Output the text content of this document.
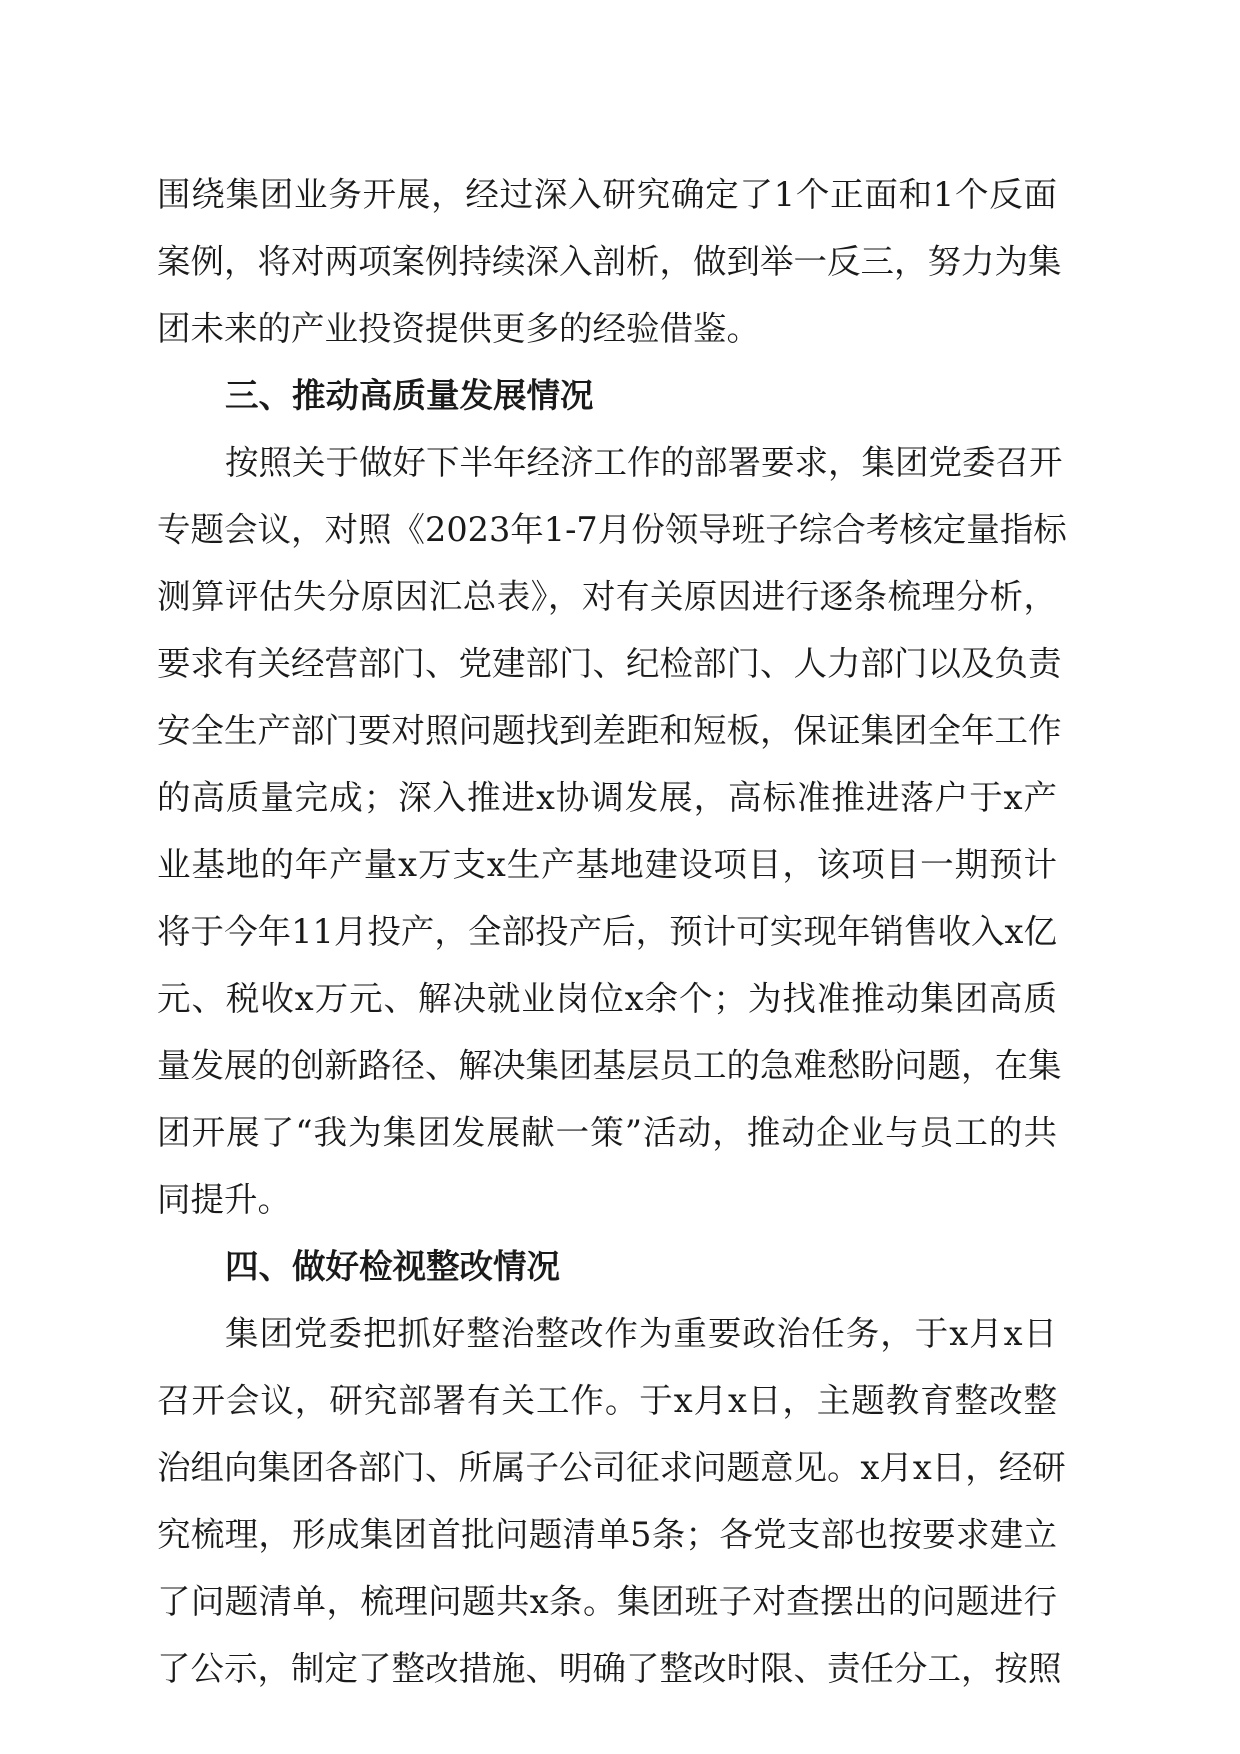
围绕集团业务开展，经过深入研究确定了1个正面和1个反面
案例，将对两项案例持续深入剖析，做到举一反三，努力为集
团未来的产业投资提供更多的经验借鉴。
三、推动高质量发展情况
按照关于做好下半年经济工作的部署要求，集团党委召开
专题会议，对照《2023年1-7月份领导班子综合考核定量指标
测算评估失分原因汇总表》，对有关原因进行逐条梳理分析，
要求有关经营部门、党建部门、纪检部门、人力部门以及负责
安全生产部门要对照问题找到差距和短板，保证集团全年工作
的高质量完成；深入推进x协调发展，高标准推进落户于x产
业基地的年产量x万支x生产基地建设项目，该项目一期预计
将于今年11月投产，全部投产后，预计可实现年销售收入x亿
元、税收x万元、解决就业岗位x余个；为找准推动集团高质
量发展的创新路径、解决集团基层员工的急难愁盼问题，在集
团开展了“我为集团发展献一策”活动，推动企业与员工的共
同提升。
四、做好检视整改情况
集团党委把抓好整治整改作为重要政治任务，于x月x日
召开会议，研究部署有关工作。于x月x日，主题教育整改整
治组向集团各部门、所属子公司征求问题意见。x月x日，经研
究梳理，形成集团首批问题清单5条；各党支部也按要求建立
了问题清单，梳理问题共x条。集团班子对查摆出的问题进行
了公示，制定了整改措施、明确了整改时限、责任分工，按照
